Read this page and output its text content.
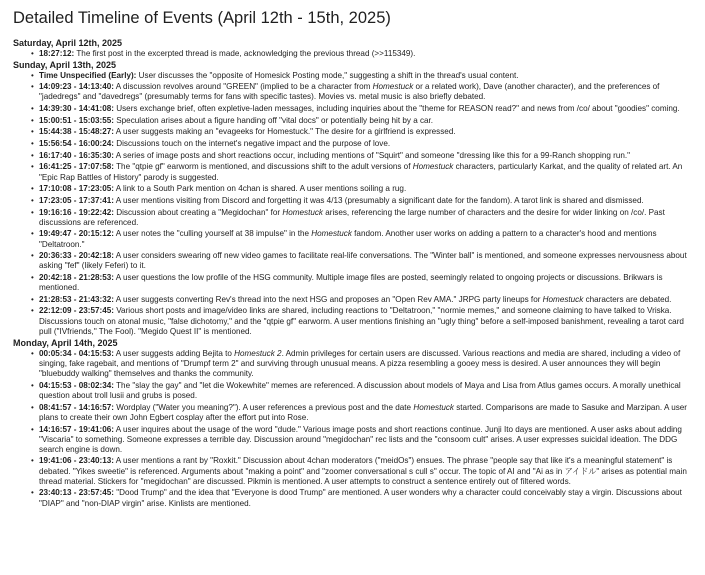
Detailed Timeline of Events (April 12th - 15th, 2025)
Saturday, April 12th, 2025
• 18:27:12: The first post in the excerpted thread is made, acknowledging the previous thread (>>115349).
Sunday, April 13th, 2025
• Time Unspecified (Early): User discusses the "opposite of Homesick Posting mode," suggesting a shift in the thread's usual content.
• 14:09:23 - 14:13:40: A discussion revolves around "GREEN" (implied to be a character from Homestuck or a related work), Dave (another character), and the preferences of "jadedregs" and "davedregs" (presumably terms for fans with specific tastes). Movies vs. metal music is also briefly debated.
• 14:39:30 - 14:41:08: Users exchange brief, often expletive-laden messages, including inquiries about the "theme for REASON read?" and news from /co/ about "goodies" coming.
• 15:00:51 - 15:03:55: Speculation arises about a figure handing off "vital docs" or potentially being hit by a car.
• 15:44:38 - 15:48:27: A user suggests making an "evageeks for Homestuck." The desire for a girlfriend is expressed.
• 15:56:54 - 16:00:24: Discussions touch on the internet's negative impact and the purpose of love.
• 16:17:40 - 16:35:30: A series of image posts and short reactions occur, including mentions of "Squirt" and someone "dressing like this for a 99-Ranch shopping run."
• 16:41:25 - 17:07:58: The "qtpie gf" earworm is mentioned, and discussions shift to the adult versions of Homestuck characters, particularly Karkat, and the quality of related art. An "Epic Rap Battles of History" parody is suggested.
• 17:10:08 - 17:23:05: A link to a South Park mention on 4chan is shared. A user mentions soiling a rug.
• 17:23:05 - 17:37:41: A user mentions visiting from Discord and forgetting it was 4/13 (presumably a significant date for the fandom). A tarot link is shared and dismissed.
• 19:16:16 - 19:22:42: Discussion about creating a "Megidochan" for Homestuck arises, referencing the large number of characters and the desire for wider linking on /co/. Past discussions are referenced.
• 19:49:47 - 20:15:12: A user notes the "culling yourself at 38 impulse" in the Homestuck fandom. Another user works on adding a pattern to a character's hood and mentions "Deltatroon."
• 20:36:33 - 20:42:18: A user considers swearing off new video games to facilitate real-life conversations. The "Winter ball" is mentioned, and someone expresses nervousness about asking "fef" (likely Feferi) to it.
• 20:42:18 - 21:28:53: A user questions the low profile of the HSG community. Multiple image files are posted, seemingly related to ongoing projects or discussions. Brikwars is mentioned.
• 21:28:53 - 21:43:32: A user suggests converting Rev's thread into the next HSG and proposes an "Open Rev AMA." JRPG party lineups for Homestuck characters are debated.
• 22:12:09 - 23:57:45: Various short posts and image/video links are shared, including reactions to "Deltatroon," "normie memes," and someone claiming to have talked to Vriska. Discussions touch on atonal music, "false dichotomy," and the "qtpie gf" earworm. A user mentions finishing an "ugly thing" before a self-imposed banishment, revealing a tarot card pull ("IVfriends," The Fool). "Megido Quest II" is mentioned.
Monday, April 14th, 2025
• 00:05:34 - 04:15:53: A user suggests adding Bejita to Homestuck 2. Admin privileges for certain users are discussed. Various reactions and media are shared, including a video of singing, fake ragebait, and mentions of "Drumpf term 2" and surviving through unusual means. A pizza resembling a gooey mess is desired. A user announces they will begin "bluebuddy walking" themselves and thanks the community.
• 04:15:53 - 08:02:34: The "slay the gay" and "let die Wokewhite" memes are referenced. A discussion about models of Maya and Lisa from Atlus games occurs. A morally unethical question about troll lusii and grubs is posed.
• 08:41:57 - 14:16:57: Wordplay ("Water you meaning?"). A user references a previous post and the date Homestuck started. Comparisons are made to Sasuke and Marzipan. A user plans to create their own John Egbert cosplay after the effort put into Rose.
• 14:16:57 - 19:41:06: A user inquires about the usage of the word "dude." Various image posts and short reactions continue. Junji Ito days are mentioned. A user asks about adding "Viscaria" to something. Someone expresses a terrible day. Discussion around "megidochan" rec lists and the "consoom cult" arises. A user expresses suicidal ideation. The DDG search engine is down.
• 19:41:06 - 23:40:13: A user mentions a rant by "Roxkit." Discussion about 4chan moderators ("meidOs") ensues. The phrase "people say that like it's a meaningful statement" is debated. "Yikes sweetie" is referenced. Arguments about "making a point" and "zoomer conversational s cull s" occur. The topic of AI and "Ai as in アイドル" arises as potential main thread material. Stickers for "megidochan" are discussed. Pikmin is mentioned. A user attempts to construct a sentence entirely out of filtered words.
• 23:40:13 - 23:57:45: "Dood Trump" and the idea that "Everyone is dood Trump" are mentioned. A user wonders why a character could conceivably stay a virgin. Discussions about "DIAP" and "non-DIAP virgin" arise. Kinlists are mentioned.
